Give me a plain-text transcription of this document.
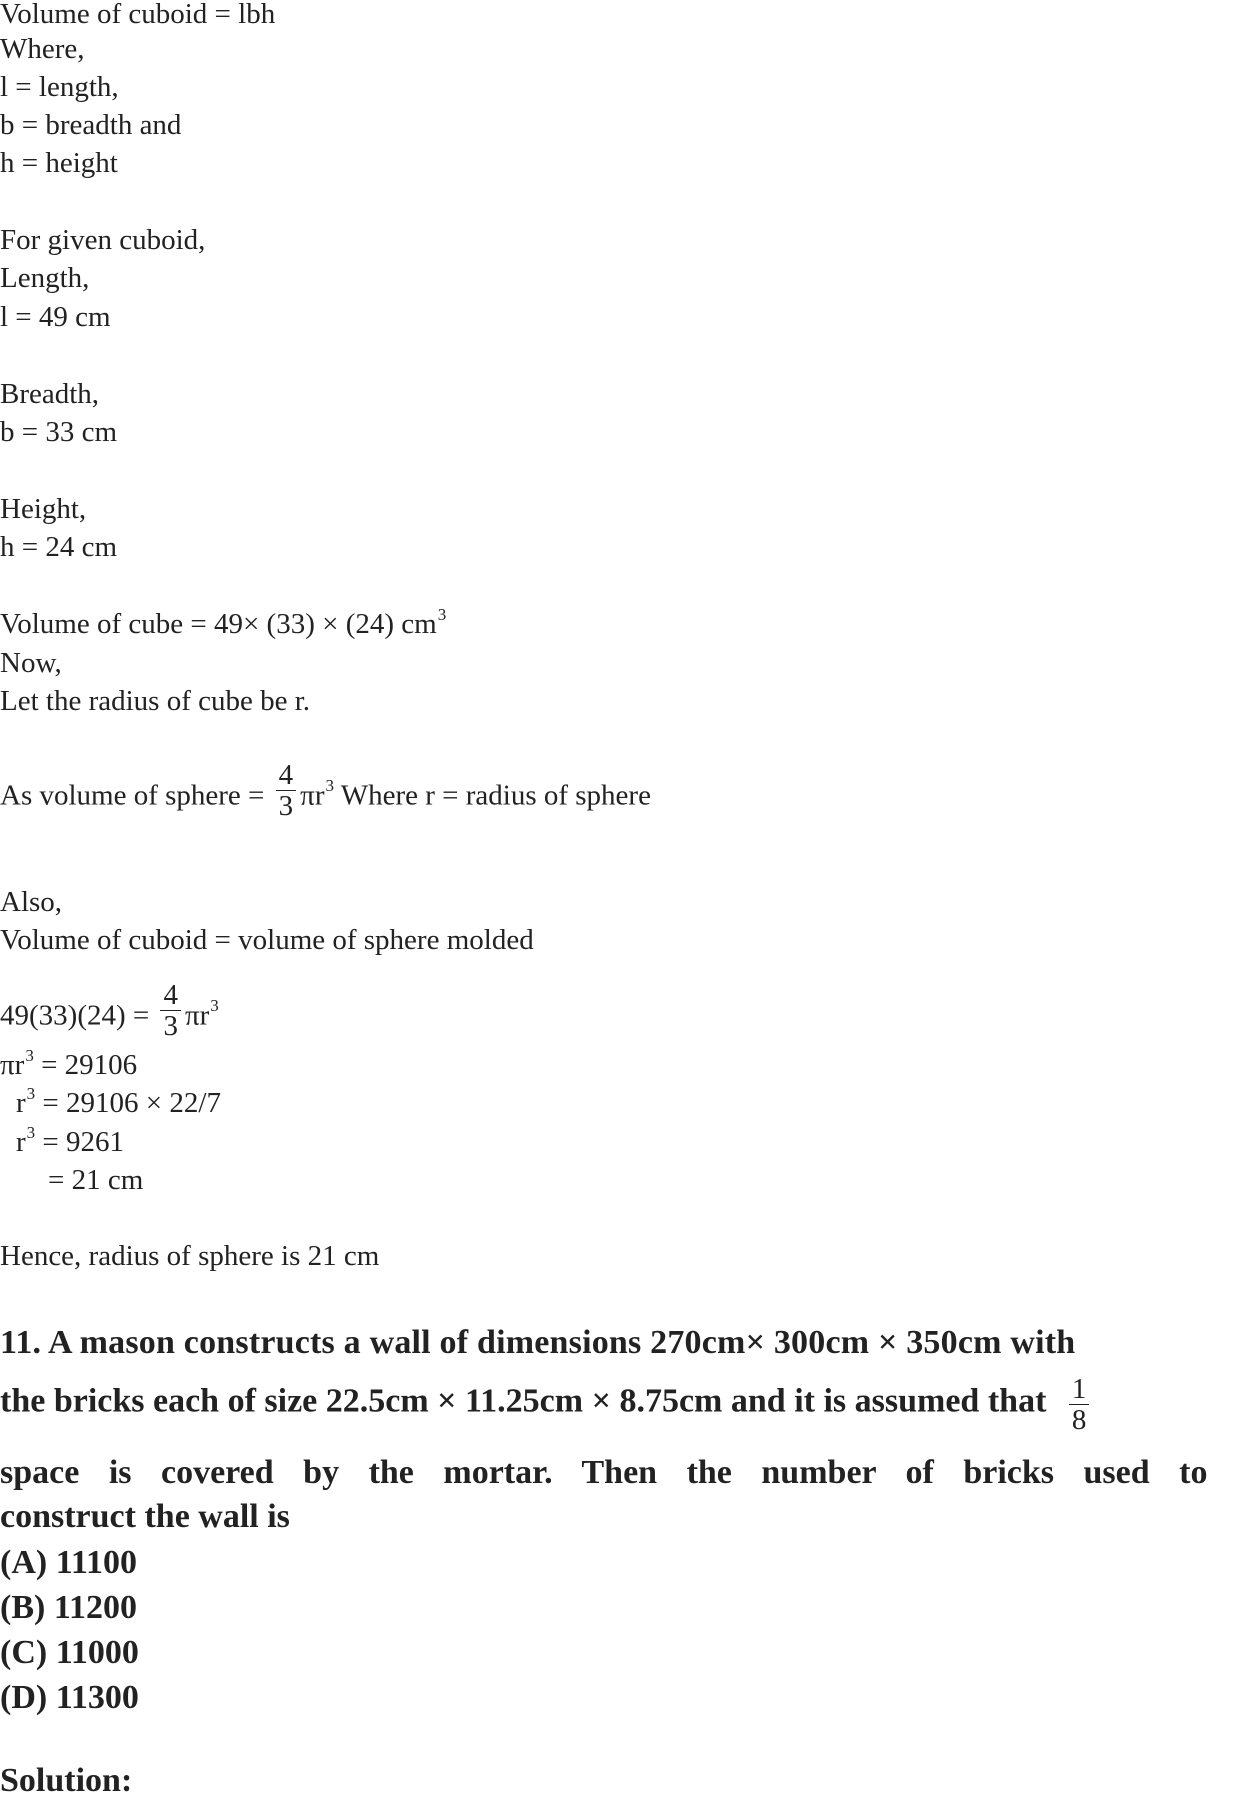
Volume of cuboid = lbh
Where,
l = length,
b = breadth and
h = height
For given cuboid,
Length,
l = 49 cm
Breadth,
b = 33 cm
Height,
h = 24 cm
Volume of cube = 49× (33) × (24) $cm^3$
Now,
Let the radius of cube be r.
As volume of sphere = $\frac{4}{3} \pi r^3$ Where r = radius of sphere
Also,
Volume of cuboid = volume of sphere molded
$49(33)(24) = \frac{4}{3} \pi r^3$
$\pi r^3 = 29106$
$r^3 = 29106 \times 22/7$
$r^3 = 9261$
= 21 cm
Hence, radius of sphere is 21 cm
11. A mason constructs a wall of dimensions 270cm× 300cm × 350cm with
the bricks each of size 22.5cm × 11.25cm × 8.75cm and it is assumed that $\frac{1}{8}$
space is covered by the mortar. Then the number of bricks used to
construct the wall is
(A) 11100
(B) 11200
(C) 11000
(D) 11300
Solution:
